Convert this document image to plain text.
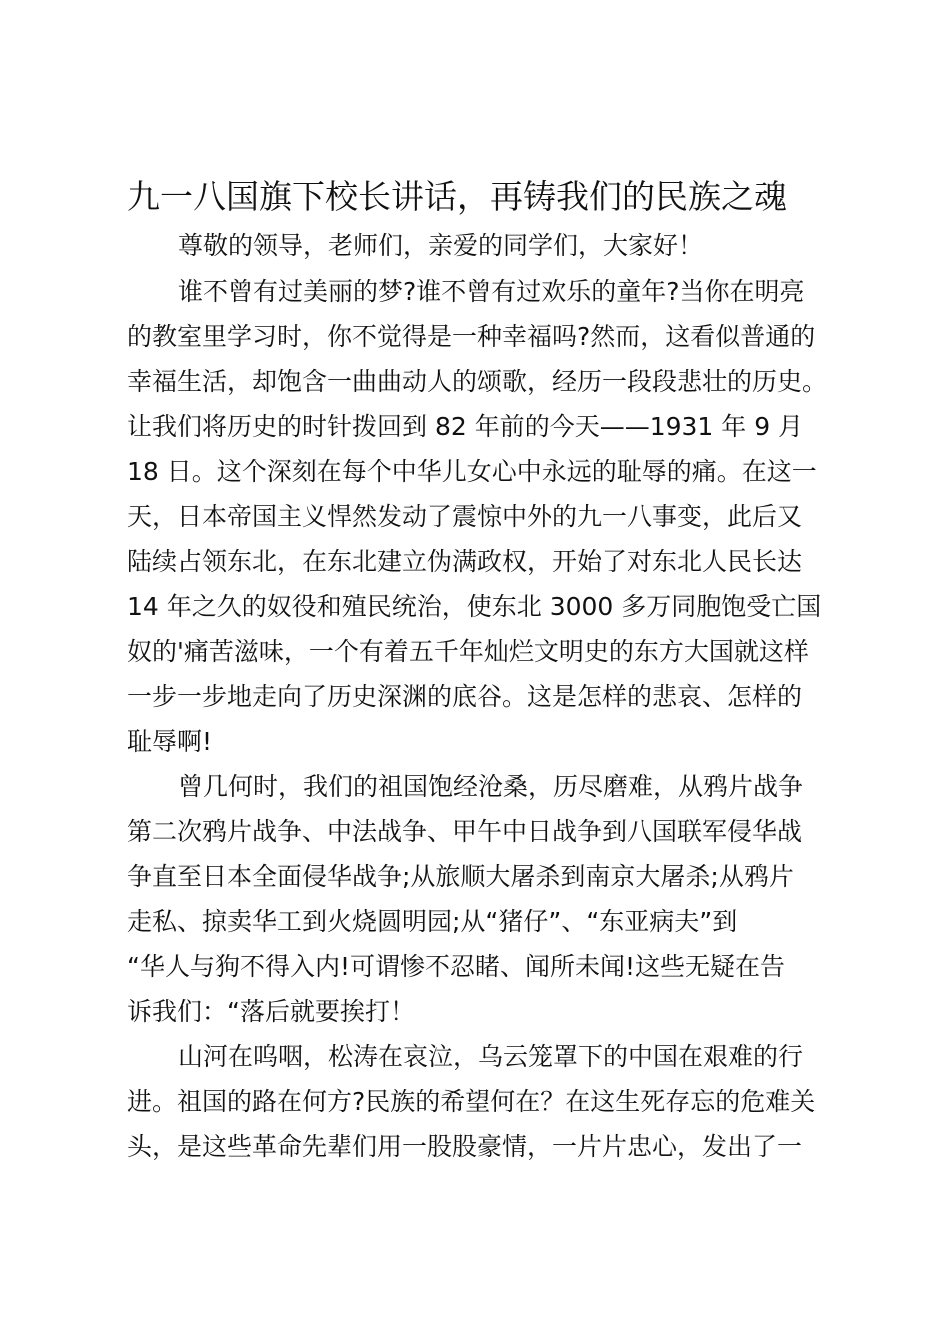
九一八国旗下校长讲话，再铸我们的民族之魂
尊敬的领导，老师们，亲爱的同学们，大家好！
谁不曾有过美丽的梦?谁不曾有过欢乐的童年?当你在明亮
的教室里学习时，你不觉得是一种幸福吗?然而，这看似普通的
幸福生活，却饱含一曲曲动人的颂歌，经历一段段悲壮的历史。
让我们将历史的时针拨回到 82 年前的今天——1931 年 9 月
18 日。这个深刻在每个中华儿女心中永远的耻辱的痛。在这一
天，日本帝国主义悍然发动了震惊中外的九一八事变，此后又
陆续占领东北，在东北建立伪满政权，开始了对东北人民长达
14 年之久的奴役和殖民统治，使东北 3000 多万同胞饱受亡国
奴的'痛苦滋味，一个有着五千年灿烂文明史的东方大国就这样
一步一步地走向了历史深渊的底谷。这是怎样的悲哀、怎样的
耻辱啊!
曾几何时，我们的祖国饱经沧桑，历尽磨难，从鸦片战争
第二次鸦片战争、中法战争、甲午中日战争到八国联军侵华战
争直至日本全面侵华战争;从旅顺大屠杀到南京大屠杀;从鸦片
走私、掠卖华工到火烧圆明园;从“猪仔”、“东亚病夫”到
“华人与狗不得入内!可谓惨不忍睹、闻所未闻!这些无疑在告
诉我们：“落后就要挨打！
山河在呜咽，松涛在哀泣，乌云笼罩下的中国在艰难的行
进。祖国的路在何方?民族的希望何在？在这生死存忘的危难关
头，是这些革命先辈们用一股股豪情，一片片忠心，发出了一
